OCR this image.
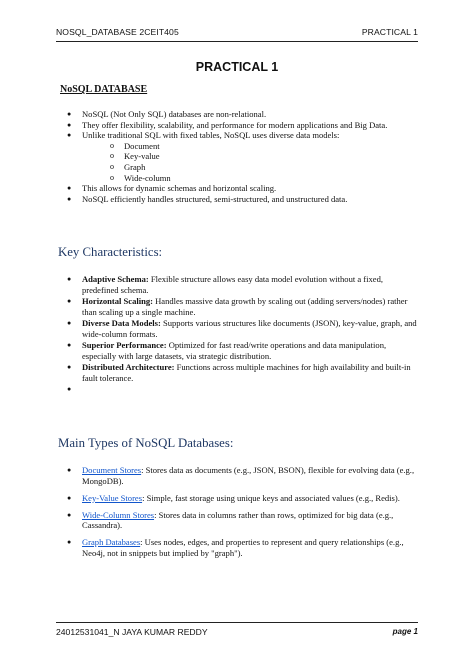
NOSQL_DATABASE 2CEIT405	PRACTICAL 1
PRACTICAL 1
NoSQL DATABASE
● NoSQL (Not Only SQL) databases are non-relational.
● They offer flexibility, scalability, and performance for modern applications and Big Data.
● Unlike traditional SQL with fixed tables, NoSQL uses diverse data models:
o Document
o Key-value
o Graph
o Wide-column
● This allows for dynamic schemas and horizontal scaling.
● NoSQL efficiently handles structured, semi-structured, and unstructured data.
Key Characteristics:
● Adaptive Schema: Flexible structure allows easy data model evolution without a fixed, predefined schema.
● Horizontal Scaling: Handles massive data growth by scaling out (adding servers/nodes) rather than scaling up a single machine.
● Diverse Data Models: Supports various structures like documents (JSON), key-value, graph, and wide-column formats.
● Superior Performance: Optimized for fast read/write operations and data manipulation, especially with large datasets, via strategic distribution.
● Distributed Architecture: Functions across multiple machines for high availability and built-in fault tolerance.
●

Main Types of NoSQL Databases:
● Document Stores: Stores data as documents (e.g., JSON, BSON), flexible for evolving data (e.g., MongoDB).
● Key-Value Stores: Simple, fast storage using unique keys and associated values (e.g., Redis).
● Wide-Column Stores: Stores data in columns rather than rows, optimized for big data (e.g., Cassandra).
● Graph Databases: Uses nodes, edges, and properties to represent and query relationships (e.g., Neo4j, not in snippets but implied by "graph").
24012531041_N JAYA KUMAR REDDY	page 1
